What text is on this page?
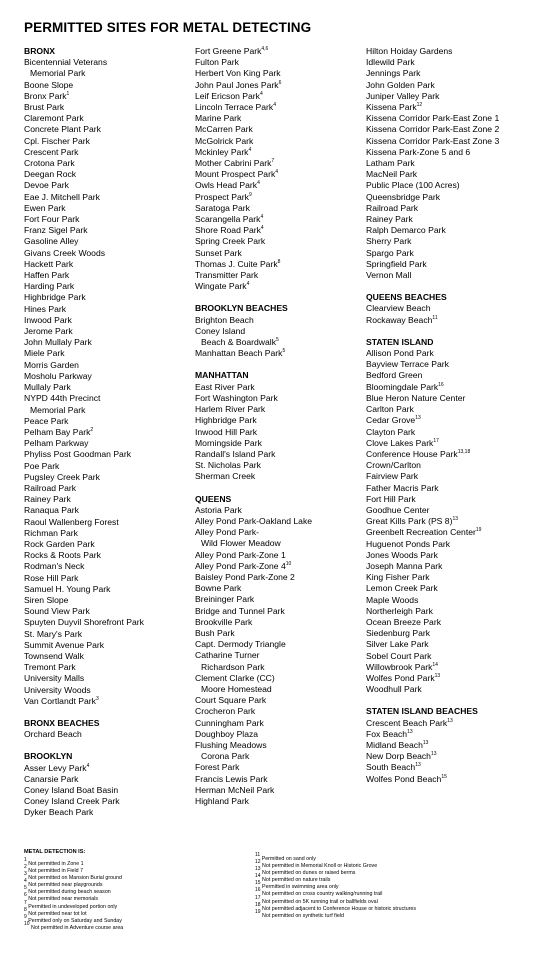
PERMITTED SITES FOR METAL DETECTING
BRONX
Bicentennial Veterans
Memorial Park
Boone Slope
Bronx Park$^1$
Brust Park
Claremont Park
Concrete Plant Park
Cpl. Fischer Park
Crescent Park
Crotona Park
Deegan Rock
Devoe Park
Eae J. Mitchell Park
Ewen Park
Fort Four Park
Franz Sigel Park
Gasoline Alley
Givans Creek Woods
Hackett Park
Haffen Park
Harding Park
Highbridge Park
Hines Park
Inwood Park
Jerome Park
John Mullaly Park
Miele Park
Morris Garden
Mosholu Parkway
Mullaly Park
NYPD 44th Precinct
Memorial Park
Peace Park
Pelham Bay Park$^2$
Pelham Parkway
Phyliss Post Goodman Park
Poe Park
Pugsley Creek Park
Railroad Park
Rainey Park
Ranaqua Park
Raoul Wallenberg Forest
Richman Park
Rock Garden Park
Rocks & Roots Park
Rodman's Neck
Rose Hill Park
Samuel H. Young Park
Siren Slope
Sound View Park
Spuyten Duyvil Shorefront Park
St. Mary's Park
Summit Avenue Park
Townsend Walk
Tremont Park
University Malls
University Woods
Van Cortlandt Park$^3$
BRONX BEACHES
Orchard Beach
BROOKLYN
Asser Levy Park$^4$
Canarsie Park
Coney Island Boat Basin
Coney Island Creek Park
Dyker Beach Park
Fort Greene Park$^{4,6}$
Fulton Park
Herbert Von King Park
John Paul Jones Park$^6$
Leif Ericson Park$^4$
Lincoln Terrace Park$^4$
Marine Park
McCarren Park
McGolrick Park
Mckinley Park$^4$
Mother Cabrini Park$^7$
Mount Prospect Park$^4$
Owls Head Park$^4$
Prospect Park$^9$
Saratoga Park
Scarangella Park$^4$
Shore Road Park$^4$
Spring Creek Park
Sunset Park
Thomas J. Cuite Park$^8$
Transmitter Park
Wingate Park$^4$
BROOKLYN BEACHES
Brighton Beach
Coney Island
Beach & Boardwalk$^5$
Manhattan Beach Park$^5$
MANHATTAN
East River Park
Fort Washington Park
Harlem River Park
Highbridge Park
Inwood Hill Park
Morningside Park
Randall's Island Park
St. Nicholas Park
Sherman Creek
QUEENS
Astoria Park
Alley Pond Park-Oakland Lake
Alley Pond Park-
Wild Flower Meadow
Alley Pond Park-Zone 1
Alley Pond Park-Zone $4^{10}$
Baisley Pond Park-Zone 2
Bowne Park
Breininger Park
Bridge and Tunnel Park
Brookville Park
Bush Park
Capt. Dermody Triangle
Catharine Turner
Richardson Park
Clement Clarke (CC)
Moore Homestead
Court Square Park
Crocheron Park
Cunningham Park
Doughboy Plaza
Flushing Meadows
Corona Park
Forest Park
Francis Lewis Park
Herman McNeil Park
Highland Park
Hilton Hoiday Gardens
Idlewild Park
Jennings Park
John Golden Park
Juniper Valley Park
Kissena Park$^{12}$
Kissena Corridor Park-East Zone 1
Kissena Corridor Park-East Zone 2
Kissena Corridor Park-East Zone 3
Kissena Park-Zone 5 and 6
Latham Park
MacNeil Park
Public Place (100 Acres)
Queensbridge Park
Railroad Park
Rainey Park
Ralph Demarco Park
Sherry Park
Spargo Park
Springfield Park
Vernon Mall
QUEENS BEACHES
Clearview Beach
Rockaway Beach$^{11}$
STATEN ISLAND
Allison Pond Park
Bayview Terrace Park
Bedford Green
Bloomingdale Park$^{16}$
Blue Heron Nature Center
Carlton Park
Cedar Grove$^{13}$
Clayton Park
Clove Lakes Park$^{17}$
Conference House Park$^{13,18}$
Crown/Carlton
Fairview Park
Father Macris Park
Fort Hill Park
Goodhue Center
Great Kills Park (PS 8)$^{13}$
Greenbelt Recreation Center$^{19}$
Huguenot Ponds Park
Jones Woods Park
Joseph Manna Park
King Fisher Park
Lemon Creek Park
Maple Woods
Northerleigh Park
Ocean Breeze Park
Siedenburg Park
Silver Lake Park
Sobel Court Park
Willowbrook Park$^{14}$
Wolfes Pond Park$^{13}$
Woodhull Park
STATEN ISLAND BEACHES
Crescent Beach Park$^{13}$
Fox Beach$^{13}$
Midland Beach$^{13}$
New Dorp Beach$^{13}$
South Beach$^{13}$
Wolfes Pond Beach$^{15}$
METAL DETECTION IS:
$^1$ Not permitted in Zone 1
$^2$ Not permitted in Field 7
$^3$ Not permitted on Mansion Burial ground
$^4$ Not permitted near playgrounds
$^5$ Not permitted during beach season
$^6$ Not permitted near memorials
$^7$ Permitted in undeveloped portion only
$^8$ Not permitted near tot lot
$^9$ Permitted only on Saturday and Sunday
$^{10}$ Not permitted in Adventure course area
$^{11}$ Permitted on sand only
$^{12}$ Not permitted in Memorial Knoll or Historic Grove
$^{13}$ Not permitted on dunes or raised berms
$^{14}$ Not permitted on nature trails
$^{15}$ Permitted in swimming area only
$^{16}$ Not permitted on cross country walking/running trail
$^{17}$ Not permitted on 5K running trail or ballfields oval
$^{18}$ Not permitted adjacent to Conference House or historic structures
$^{19}$ Not permitted on synthetic turf field
